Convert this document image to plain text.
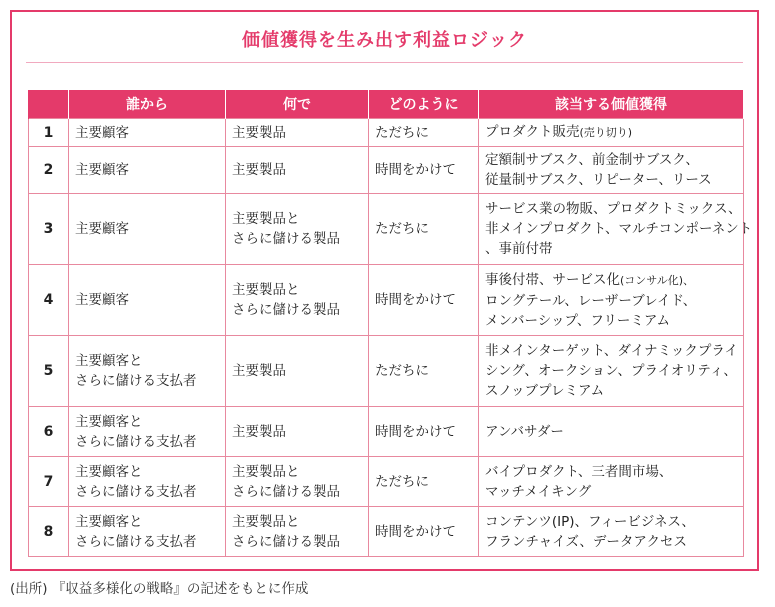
価値獲得を生み出す利益ロジック
	誰から	何で	どのように	該当する価値獲得
1	主要顧客	主要製品	ただちに	プロダクト販売(売り切り)

2	主要顧客	主要製品	時間をかけて	定額制サブスク、前金制サブスク、
従量制サブスク、リピーター、リース

3	主要顧客	主要製品と
さらに儲ける製品	ただちに	サービス業の物販、プロダクトミックス、
非メインプロダクト、マルチコンポーネント
、事前付帯

4	主要顧客	主要製品と
さらに儲ける製品	時間をかけて	事後付帯、サービス化(コンサル化)、
ロングテール、レーザーブレイド、
メンバーシップ、フリーミアム

5	主要顧客と
さらに儲ける支払者	主要製品	ただちに	非メインターゲット、ダイナミックプライ
シング、オークション、プライオリティ、
スノッブプレミアム

6	主要顧客と
さらに儲ける支払者	主要製品	時間をかけて	アンバサダー

7	主要顧客と
さらに儲ける支払者	主要製品と
さらに儲ける製品	ただちに	バイプロダクト、三者間市場、
マッチメイキング

8	主要顧客と
さらに儲ける支払者	主要製品と
さらに儲ける製品	時間をかけて	コンテンツ(IP)、フィービジネス、
フランチャイズ、データアクセス
(出所) 『収益多様化の戦略』の記述をもとに作成
